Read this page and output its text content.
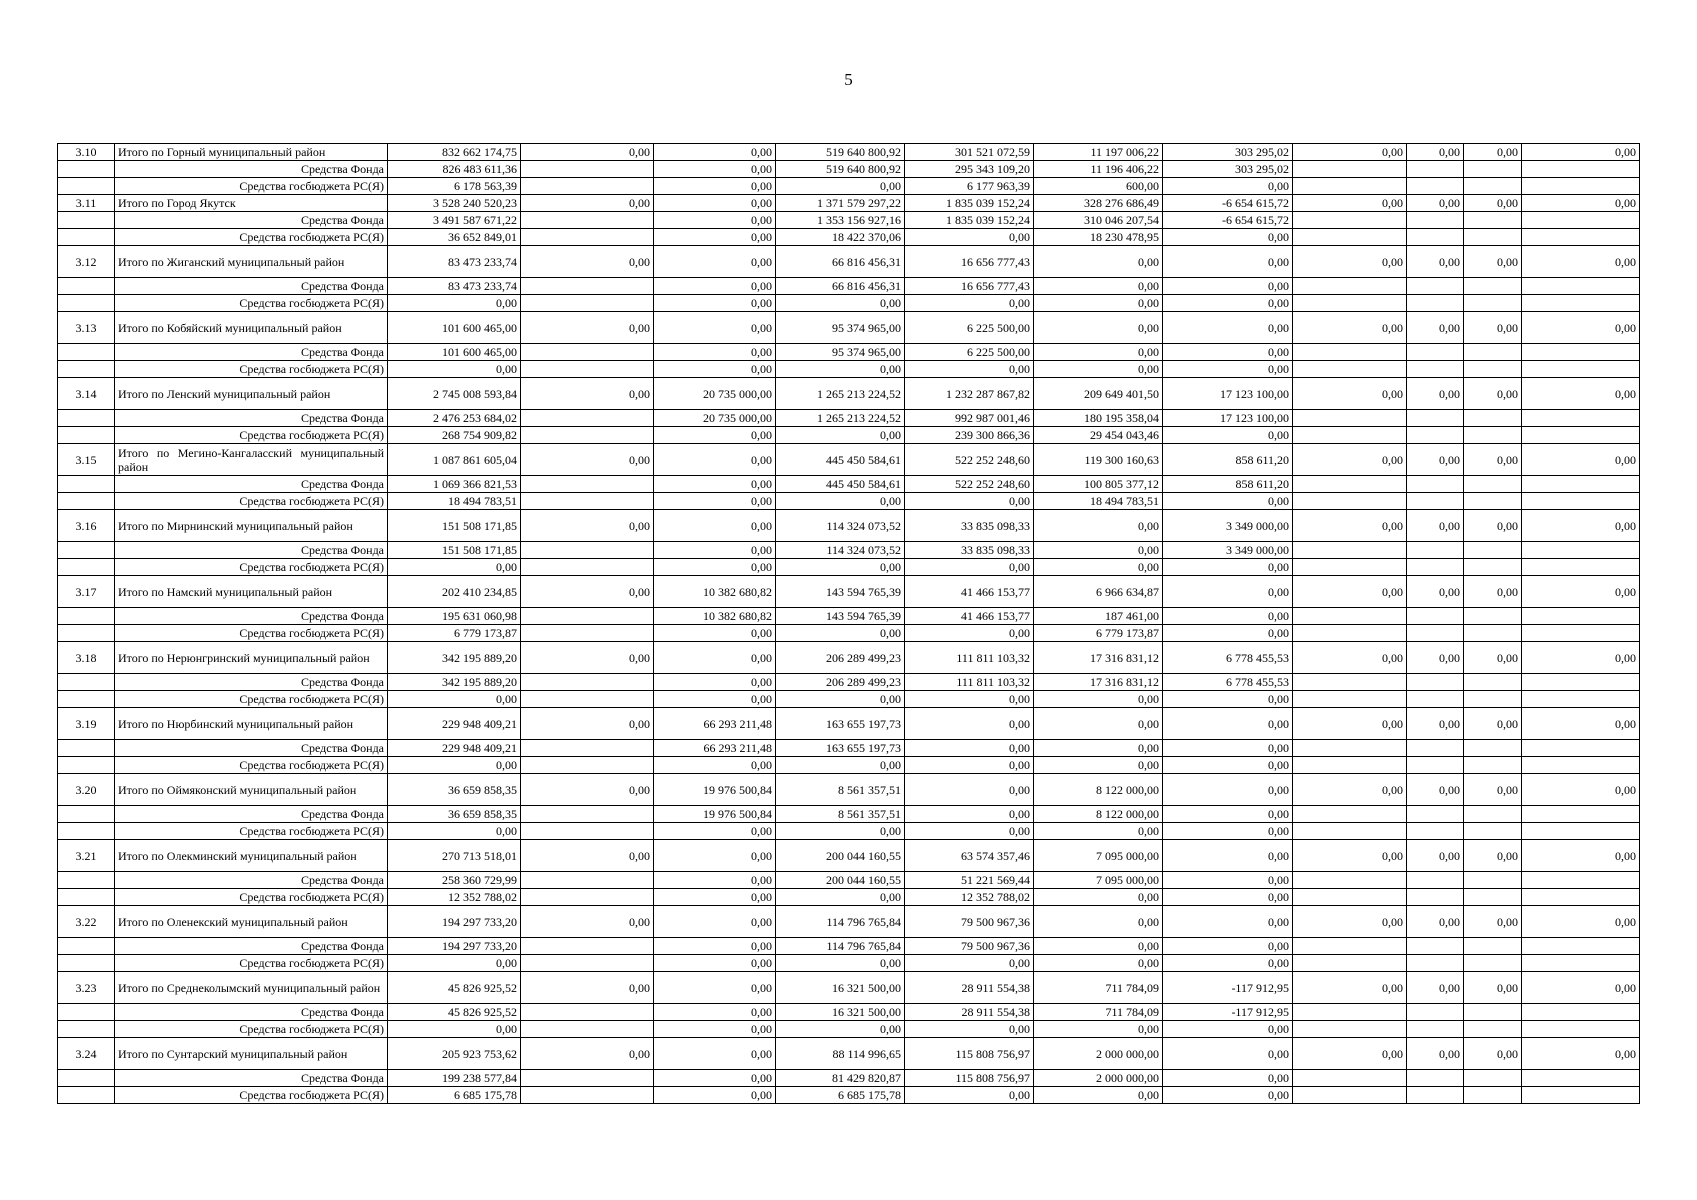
5
3.10	Итого по Горный муниципальный район	832 662 174,75	0,00	0,00	519 640 800,92	301 521 072,59	11 197 006,22	303 295,02	0,00	0,00	0,00	0,00
	Средства Фонда	826 483 611,36		0,00	519 640 800,92	295 343 109,20	11 196 406,22	303 295,02				
	Средства госбюджета РС(Я)	6 178 563,39		0,00	0,00	6 177 963,39	600,00	0,00				
3.11	Итого по Город Якутск	3 528 240 520,23	0,00	0,00	1 371 579 297,22	1 835 039 152,24	328 276 686,49	-6 654 615,72	0,00	0,00	0,00	0,00
	Средства Фонда	3 491 587 671,22		0,00	1 353 156 927,16	1 835 039 152,24	310 046 207,54	-6 654 615,72				
	Средства госбюджета РС(Я)	36 652 849,01		0,00	18 422 370,06	0,00	18 230 478,95	0,00				
3.12	Итого по Жиганский муниципальный район	83 473 233,74	0,00	0,00	66 816 456,31	16 656 777,43	0,00	0,00	0,00	0,00	0,00	0,00
	Средства Фонда	83 473 233,74		0,00	66 816 456,31	16 656 777,43	0,00	0,00				
	Средства госбюджета РС(Я)	0,00		0,00	0,00	0,00	0,00	0,00				
3.13	Итого по Кобяйский муниципальный район	101 600 465,00	0,00	0,00	95 374 965,00	6 225 500,00	0,00	0,00	0,00	0,00	0,00	0,00
	Средства Фонда	101 600 465,00		0,00	95 374 965,00	6 225 500,00	0,00	0,00				
	Средства госбюджета РС(Я)	0,00		0,00	0,00	0,00	0,00	0,00				
3.14	Итого по Ленский муниципальный район	2 745 008 593,84	0,00	20 735 000,00	1 265 213 224,52	1 232 287 867,82	209 649 401,50	17 123 100,00	0,00	0,00	0,00	0,00
	Средства Фонда	2 476 253 684,02		20 735 000,00	1 265 213 224,52	992 987 001,46	180 195 358,04	17 123 100,00				
	Средства госбюджета РС(Я)	268 754 909,82		0,00	0,00	239 300 866,36	29 454 043,46	0,00				
3.15	Итого по Мегино-Кангаласский муниципальный район	1 087 861 605,04	0,00	0,00	445 450 584,61	522 252 248,60	119 300 160,63	858 611,20	0,00	0,00	0,00	0,00
	Средства Фонда	1 069 366 821,53		0,00	445 450 584,61	522 252 248,60	100 805 377,12	858 611,20				
	Средства госбюджета РС(Я)	18 494 783,51		0,00	0,00	0,00	18 494 783,51	0,00				
3.16	Итого по Мирнинский муниципальный район	151 508 171,85	0,00	0,00	114 324 073,52	33 835 098,33	0,00	3 349 000,00	0,00	0,00	0,00	0,00
	Средства Фонда	151 508 171,85		0,00	114 324 073,52	33 835 098,33	0,00	3 349 000,00				
	Средства госбюджета РС(Я)	0,00		0,00	0,00	0,00	0,00	0,00				
3.17	Итого по Намский муниципальный район	202 410 234,85	0,00	10 382 680,82	143 594 765,39	41 466 153,77	6 966 634,87	0,00	0,00	0,00	0,00	0,00
	Средства Фонда	195 631 060,98		10 382 680,82	143 594 765,39	41 466 153,77	187 461,00	0,00				
	Средства госбюджета РС(Я)	6 779 173,87		0,00	0,00	0,00	6 779 173,87	0,00				
3.18	Итого по Нерюнгринский муниципальный район	342 195 889,20	0,00	0,00	206 289 499,23	111 811 103,32	17 316 831,12	6 778 455,53	0,00	0,00	0,00	0,00
	Средства Фонда	342 195 889,20		0,00	206 289 499,23	111 811 103,32	17 316 831,12	6 778 455,53				
	Средства госбюджета РС(Я)	0,00		0,00	0,00	0,00	0,00	0,00				
3.19	Итого по Нюрбинский муниципальный район	229 948 409,21	0,00	66 293 211,48	163 655 197,73	0,00	0,00	0,00	0,00	0,00	0,00	0,00
	Средства Фонда	229 948 409,21		66 293 211,48	163 655 197,73	0,00	0,00	0,00				
	Средства госбюджета РС(Я)	0,00		0,00	0,00	0,00	0,00	0,00				
3.20	Итого по Оймяконский муниципальный район	36 659 858,35	0,00	19 976 500,84	8 561 357,51	0,00	8 122 000,00	0,00	0,00	0,00	0,00	0,00
	Средства Фонда	36 659 858,35		19 976 500,84	8 561 357,51	0,00	8 122 000,00	0,00				
	Средства госбюджета РС(Я)	0,00		0,00	0,00	0,00	0,00	0,00				
3.21	Итого по Олекминский муниципальный район	270 713 518,01	0,00	0,00	200 044 160,55	63 574 357,46	7 095 000,00	0,00	0,00	0,00	0,00	0,00
	Средства Фонда	258 360 729,99		0,00	200 044 160,55	51 221 569,44	7 095 000,00	0,00				
	Средства госбюджета РС(Я)	12 352 788,02		0,00	0,00	12 352 788,02	0,00	0,00				
3.22	Итого по Оленекский муниципальный район	194 297 733,20	0,00	0,00	114 796 765,84	79 500 967,36	0,00	0,00	0,00	0,00	0,00	0,00
	Средства Фонда	194 297 733,20		0,00	114 796 765,84	79 500 967,36	0,00	0,00				
	Средства госбюджета РС(Я)	0,00		0,00	0,00	0,00	0,00	0,00				
3.23	Итого по Среднеколымский муниципальный район	45 826 925,52	0,00	0,00	16 321 500,00	28 911 554,38	711 784,09	-117 912,95	0,00	0,00	0,00	0,00
	Средства Фонда	45 826 925,52		0,00	16 321 500,00	28 911 554,38	711 784,09	-117 912,95				
	Средства госбюджета РС(Я)	0,00		0,00	0,00	0,00	0,00	0,00				
3.24	Итого по Сунтарский муниципальный район	205 923 753,62	0,00	0,00	88 114 996,65	115 808 756,97	2 000 000,00	0,00	0,00	0,00	0,00	0,00
	Средства Фонда	199 238 577,84		0,00	81 429 820,87	115 808 756,97	2 000 000,00	0,00				
	Средства госбюджета РС(Я)	6 685 175,78		0,00	6 685 175,78	0,00	0,00	0,00				
